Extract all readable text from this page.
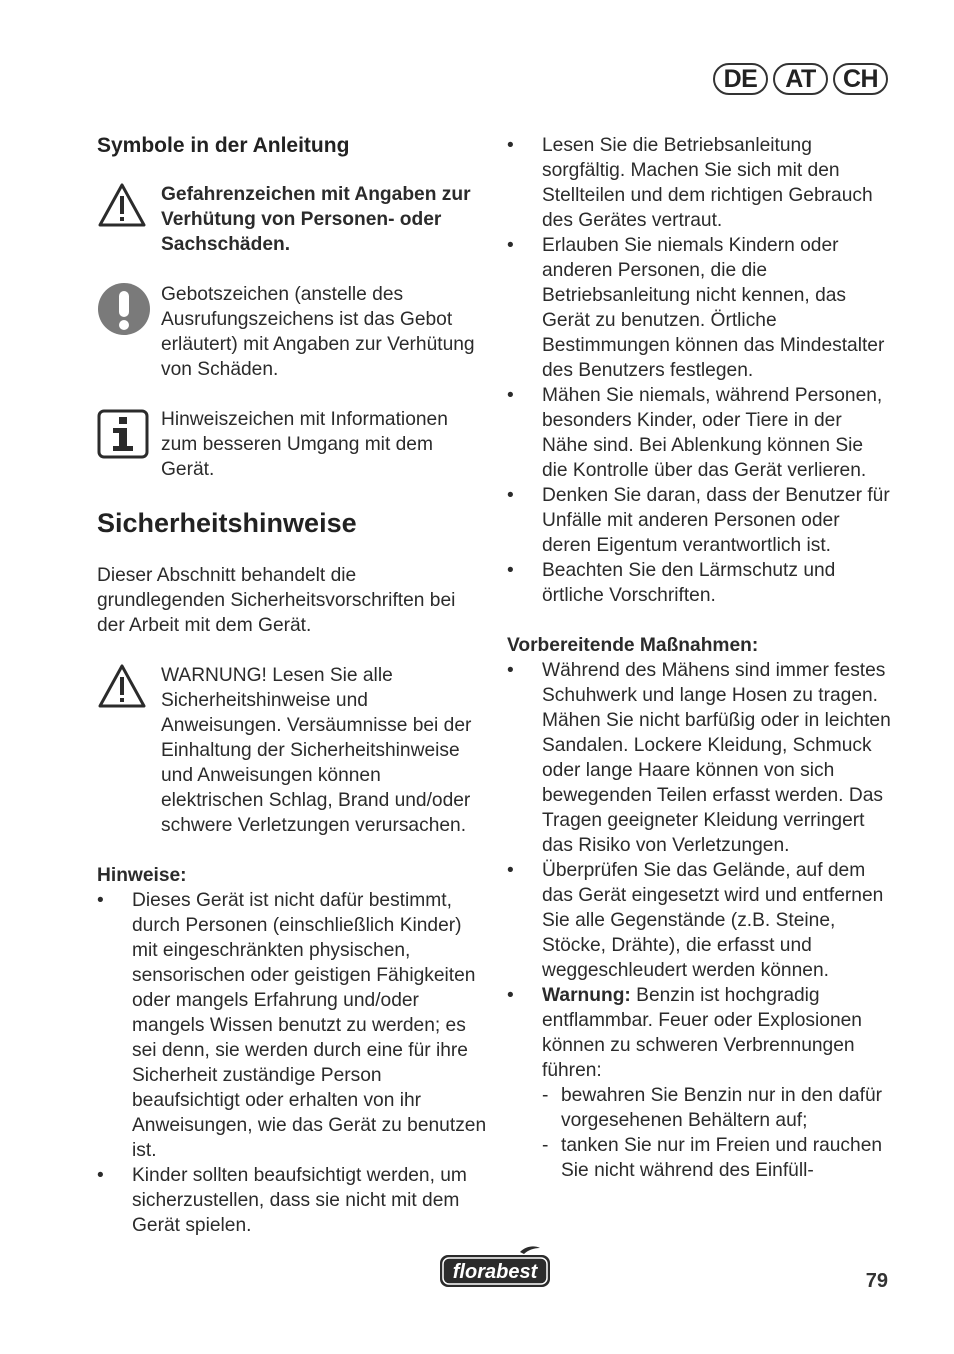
DE	AT	CH
Symbole in der Anleitung
Gefahrenzeichen mit Angaben zur Verhütung von Personen- oder Sachschäden.
Gebotszeichen (anstelle des Ausrufungszeichens ist das Gebot erläutert) mit Angaben zur Verhütung von Schäden.
Hinweiszeichen mit Informationen zum besseren Umgang mit dem Gerät.
Sicherheitshinweise

Dieser Abschnitt behandelt die grundlegenden Sicherheitsvorschriften bei der Arbeit mit dem Gerät.

WARNUNG! Lesen Sie alle Sicherheitshinweise und Anweisungen. Versäumnisse bei der Einhaltung der Sicherheitshinweise und Anweisungen können elektrischen Schlag, Brand und/oder schwere Verletzungen verursachen.
Hinweise:
• Dieses Gerät ist nicht dafür bestimmt, durch Personen (einschließlich Kinder) mit eingeschränkten physischen, sensorischen oder geistigen Fähigkeiten oder mangels Erfahrung und/oder mangels Wissen benutzt zu werden; es sei denn, sie werden durch eine für ihre Sicherheit zuständige Person beaufsichtigt oder erhalten von ihr Anweisungen, wie das Gerät zu benutzen ist.
• Kinder sollten beaufsichtigt werden, um sicherzustellen, dass sie nicht mit dem Gerät spielen.
• Lesen Sie die Betriebsanleitung sorgfältig. Machen Sie sich mit den Stellteilen und dem richtigen Gebrauch des Gerätes vertraut.
• Erlauben Sie niemals Kindern oder anderen Personen, die die Betriebsanleitung nicht kennen, das Gerät zu benutzen. Örtliche Bestimmungen können das Mindestalter des Benutzers festlegen.
• Mähen Sie niemals, während Personen, besonders Kinder, oder Tiere in der Nähe sind. Bei Ablenkung können Sie die Kontrolle über das Gerät verlieren.
• Denken Sie daran, dass der Benutzer für Unfälle mit anderen Personen oder deren Eigentum verantwortlich ist.
• Beachten Sie den Lärmschutz und örtliche Vorschriften.
Vorbereitende Maßnahmen:
• Während des Mähens sind immer festes Schuhwerk und lange Hosen zu tragen. Mähen Sie nicht barfüßig oder in leichten Sandalen. Lockere Kleidung, Schmuck oder lange Haare können von sich bewegenden Teilen erfasst werden. Das Tragen geeigneter Kleidung verringert das Risiko von Verletzungen.
• Überprüfen Sie das Gelände, auf dem das Gerät eingesetzt wird und entfernen Sie alle Gegenstände (z.B. Steine, Stöcke, Drähte), die erfasst und weggeschleudert werden können.
• Warnung: Benzin ist hochgradig entflammbar. Feuer oder Explosionen können zu schweren Verbrennungen führen:
- bewahren Sie Benzin nur in den dafür vorgesehenen Behältern auf;
- tanken Sie nur im Freien und rauchen Sie nicht während des Einfüll-
florabest	79
